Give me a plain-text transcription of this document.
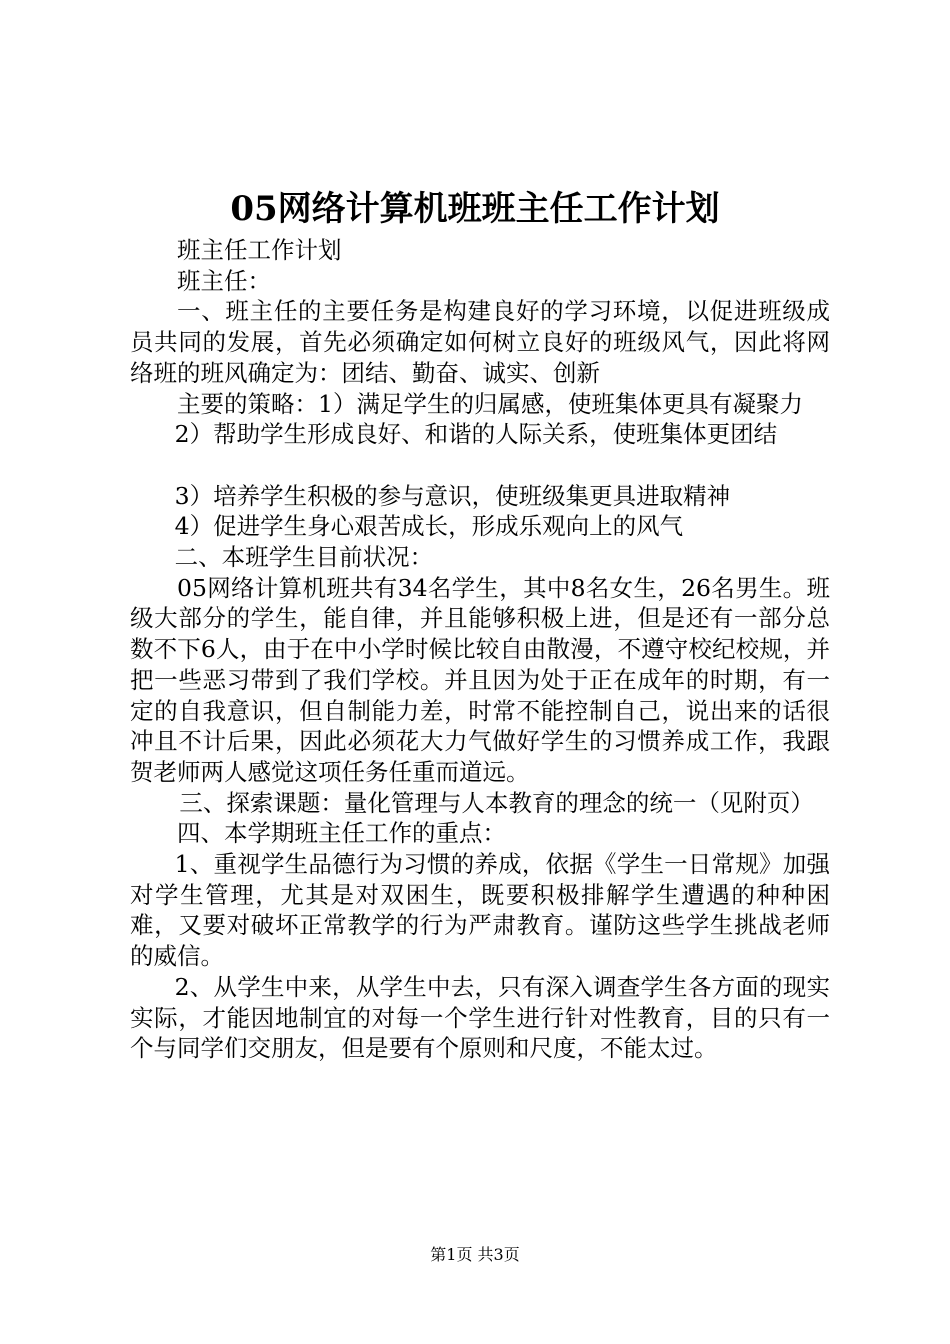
05网络计算机班班主任工作计划

班主任工作计划

班主任：

一、班主任的主要任务是构建良好的学习环境，以促进班级成员共同的发展，首先必须确定如何树立良好的班级风气，因此将网络班的班风确定为：团结、勤奋、诚实、创新

主要的策略：1）满足学生的归属感，使班集体更具有凝聚力

2）帮助学生形成良好、和谐的人际关系，使班集体更团结

3）培养学生积极的参与意识，使班级集更具进取精神

4）促进学生身心艰苦成长，形成乐观向上的风气

二、本班学生目前状况：

05网络计算机班共有34名学生，其中8名女生，26名男生。班级大部分的学生，能自律，并且能够积极上进，但是还有一部分总数不下6人，由于在中小学时候比较自由散漫，不遵守校纪校规，并把一些恶习带到了我们学校。并且因为处于正在成年的时期，有一定的自我意识，但自制能力差，时常不能控制自己，说出来的话很冲且不计后果，因此必须花大力气做好学生的习惯养成工作，我跟贺老师两人感觉这项任务任重而道远。

三、探索课题：量化管理与人本教育的理念的统一（见附页）

四、本学期班主任工作的重点：

1、重视学生品德行为习惯的养成，依据《学生一日常规》加强对学生管理，尤其是对双困生，既要积极排解学生遭遇的种种困难，又要对破坏正常教学的行为严肃教育。谨防这些学生挑战老师的威信。

2、从学生中来，从学生中去，只有深入调查学生各方面的现实实际，才能因地制宜的对每一个学生进行针对性教育，目的只有一个与同学们交朋友，但是要有个原则和尺度，不能太过。

第1页 共3页
